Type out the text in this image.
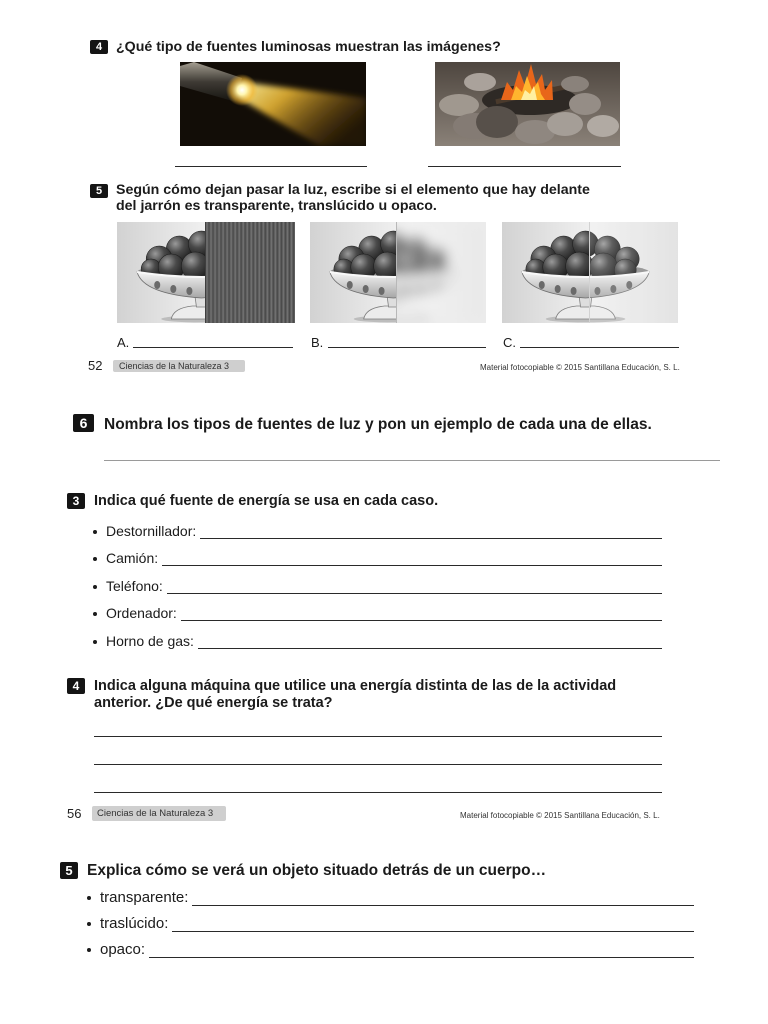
4 ¿Qué tipo de fuentes luminosas muestran las imágenes?
5 Según cómo dejan pasar la luz, escribe si el elemento que hay delante
del jarrón es transparente, translúcido u opaco.
A.	B.	C.
52	Ciencias de la Naturaleza 3	Material fotocopiable © 2015 Santillana Educación, S. L.
6	Nombra los tipos de fuentes de luz y pon un ejemplo de cada una de ellas.
3	Indica qué fuente de energía se usa en cada caso.
Destornillador:
Camión:
Teléfono:
Ordenador:
Horno de gas:
4	Indica alguna máquina que utilice una energía distinta de las de la actividad
anterior. ¿De qué energía se trata?
56	Ciencias de la Naturaleza 3	Material fotocopiable © 2015 Santillana Educación, S. L.
5 Explica cómo se verá un objeto situado detrás de un cuerpo…
transparente:
traslúcido:
opaco:
